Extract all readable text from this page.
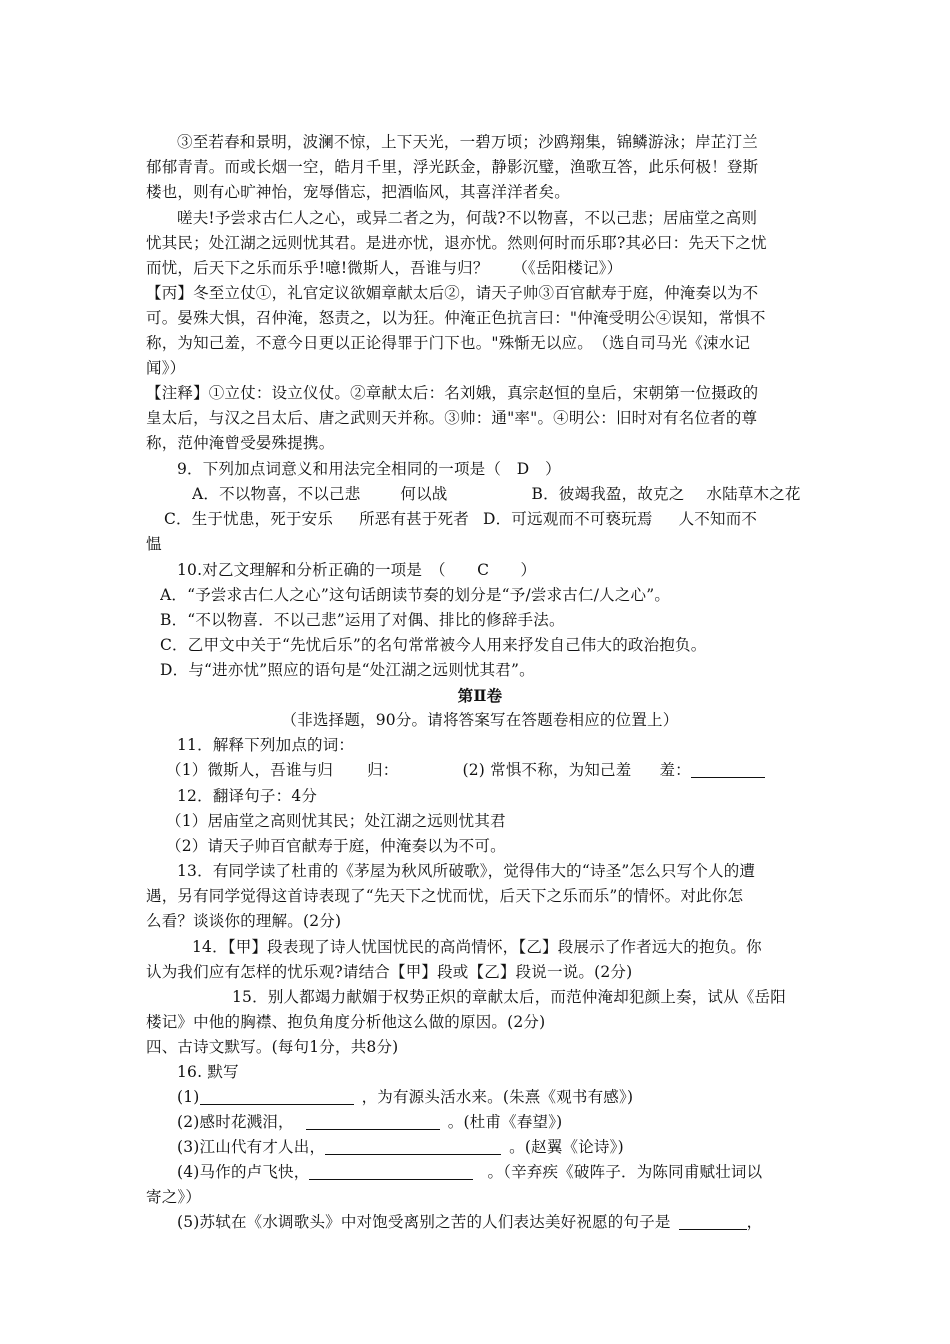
③至若春和景明，波澜不惊，上下天光，一碧万顷；沙鸥翔集，锦鳞游泳；岸芷汀兰
郁郁青青。而或长烟一空，皓月千里，浮光跃金，静影沉璧，渔歌互答，此乐何极！登斯
楼也，则有心旷神怡，宠辱偕忘，把酒临风，其喜洋洋者矣。
嗟夫!予尝求古仁人之心，或异二者之为，何哉?不以物喜，不以己悲；居庙堂之高则
忧其民；处江湖之远则忧其君。是进亦忧，退亦忧。然则何时而乐耶?其必曰：先天下之忧
而忧，后天下之乐而乐乎!噫!微斯人，吾谁与归？　　（《岳阳楼记》）
【丙】冬至立仗①，礼官定议欲媚章献太后②，请天子帅③百官献寿于庭，仲淹奏以为不
可。晏殊大惧，召仲淹，怒责之，以为狂。仲淹正色抗言曰："仲淹受明公④误知，常惧不
称，为知己羞，不意今日更以正论得罪于门下也。"殊惭无以应。　（选自司马光《涑水记
闻》）
【注释】①立仗：设立仪仗。②章献太后：名刘娥，真宗赵恒的皇后，宋朝第一位摄政的
皇太后，与汉之吕太后、唐之武则天并称。③帅：通"率"。④明公：旧时对有名位者的尊
称，范仲淹曾受晏殊提携。
9．下列加点词意义和用法完全相同的一项是（　D　）
A．不以物喜，不以己悲	何以战	B．彼竭我盈，故克之 水陆草木之花
C．生于忧患，死于安乐 所恶有甚于死者 D．可远观而不可亵玩焉 人不知而不
愠
10.对乙文理解和分析正确的一项是　（　　C　　）
A．“予尝求古仁人之心”这句话朗读节奏的划分是“予/尝求古仁/人之心”。
B．“不以物喜．不以己悲”运用了对偶、排比的修辞手法。
C．乙甲文中关于“先忧后乐”的名句常常被今人用来抒发自己伟大的政治抱负。
D．与“进亦忧”照应的语句是“处江湖之远则忧其君”。
第Ⅱ卷
（非选择题，90分。请将答案写在答题卷相应的位置上）
11．解释下列加点的词：
（1）微斯人，吾谁与归 归：	(2) 常惧不称，为知己羞 羞：
12．翻译句子：4分
（1）居庙堂之高则忧其民；处江湖之远则忧其君
（2）请天子帅百官献寿于庭，仲淹奏以为不可。
13．有同学读了杜甫的《茅屋为秋风所破歌》，觉得伟大的“诗圣”怎么只写个人的遭
遇，另有同学觉得这首诗表现了“先天下之忧而忧，后天下之乐而乐”的情怀。对此你怎
么看？谈谈你的理解。(2分)
14．【甲】段表现了诗人忧国忧民的高尚情怀，【乙】段展示了作者远大的抱负。你
认为我们应有怎样的忧乐观?请结合【甲】段或【乙】段说一说。(2分)
15．别人都竭力献媚于权势正炽的章献太后，而范仲淹却犯颜上奏，试从《岳阳
楼记》中他的胸襟、抱负角度分析他这么做的原因。(2分)
四、古诗文默写。(每句1分，共8分)
16. 默写
(1)	，为有源头活水来。(朱熹《观书有感》)
(2)感时花溅泪，	。(杜甫《春望》)
(3)江山代有才人出，	。(赵翼《论诗》)
(4)马作的卢飞快，	。（辛弃疾《破阵子．为陈同甫赋壮词以
寄之》）
(5)苏轼在《水调歌头》中对饱受离别之苦的人们表达美好祝愿的句子是	，
